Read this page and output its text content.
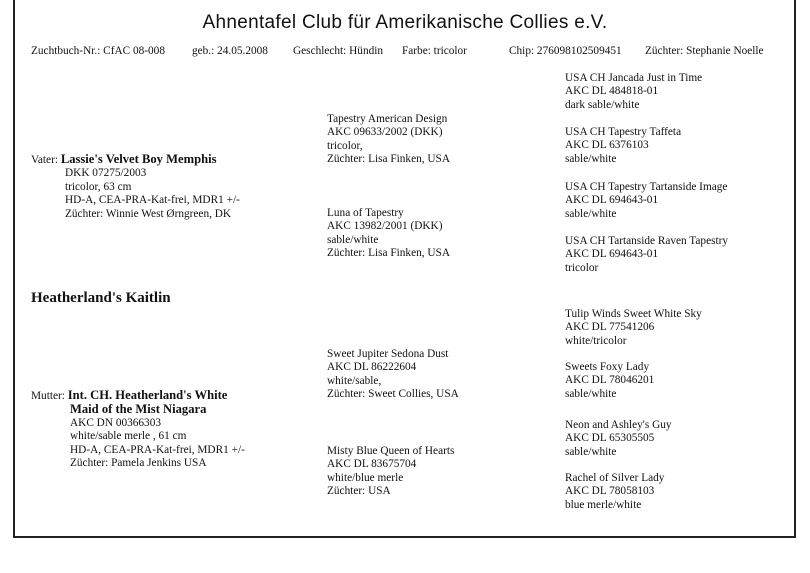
Ahnentafel Club für Amerikanische Collies e.V.
Zuchtbuch-Nr.: CfAC 08-008 geb.: 24.05.2008 Geschlecht: Hündin Farbe: tricolor	Chip: 276098102509451 Züchter: Stephanie Noelle
Vater: Lassie's Velvet Boy Memphis
DKK 07275/2003
tricolor, 63 cm
HD-A, CEA-PRA-Kat-frei, MDR1 +/-
Züchter: Winnie West Ørngreen, DK
Heatherland's Kaitlin
Mutter: Int. CH. Heatherland's White
Maid of the Mist Niagara
AKC DN 00366303
white/sable merle , 61 cm
HD-A, CEA-PRA-Kat-frei, MDR1 +/-
Züchter: Pamela Jenkins USA
Tapestry American Design
AKC 09633/2002 (DKK)
tricolor,
Züchter: Lisa Finken, USA
Luna of Tapestry
AKC 13982/2001 (DKK)
sable/white
Züchter: Lisa Finken, USA
Sweet Jupiter Sedona Dust
AKC DL 86222604
white/sable,
Züchter: Sweet Collies, USA
Misty Blue Queen of Hearts
AKC DL 83675704
white/blue merle
Züchter: USA
USA CH Jancada Just in Time
AKC DL 484818-01
dark sable/white
USA CH Tapestry Taffeta
AKC DL 6376103
sable/white
USA CH Tapestry Tartanside Image
AKC DL 694643-01
sable/white
USA CH Tartanside Raven Tapestry
AKC DL 694643-01
tricolor
Tulip Winds Sweet White Sky
AKC DL 77541206
white/tricolor
Sweets Foxy Lady
AKC DL 78046201
sable/white
Neon and Ashley's Guy
AKC DL 65305505
sable/white
Rachel of Silver Lady
AKC DL 78058103
blue merle/white
